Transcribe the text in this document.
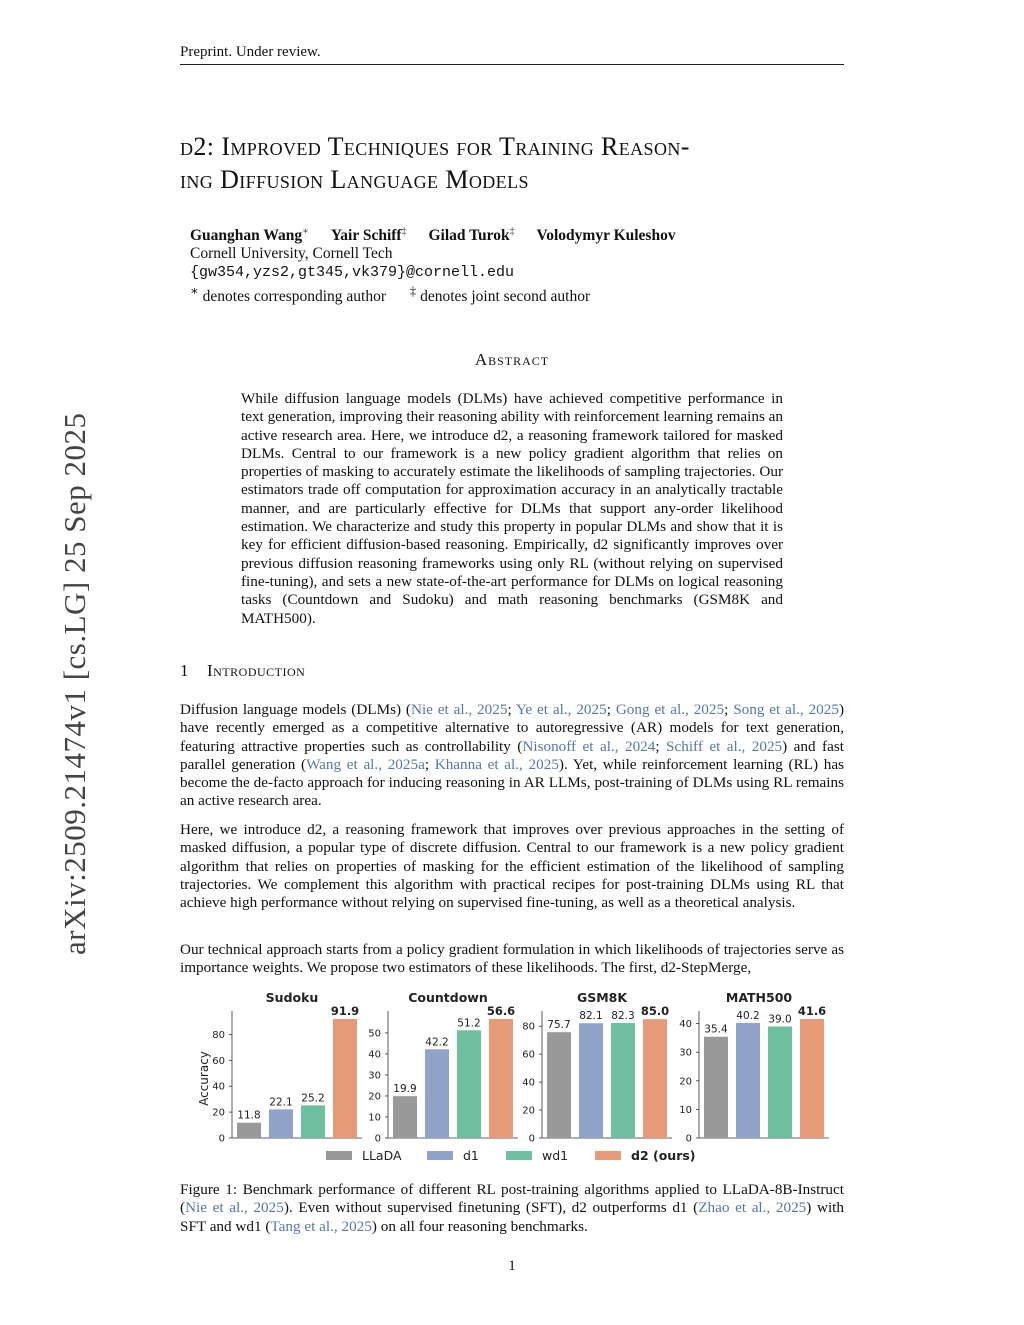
Preprint. Under review.
arXiv:2509.21474v1 [cs.LG] 25 Sep 2025
d2: Improved Techniques for Training Reason-
ing Diffusion Language Models
Guanghan Wang∗ Yair Schiff‡ Gilad Turok‡ Volodymyr Kuleshov
Cornell University, Cornell Tech
{gw354,yzs2,gt345,vk379}@cornell.edu
∗ denotes corresponding author ‡ denotes joint second author
Abstract
While diffusion language models (DLMs) have achieved competitive performance in text generation, improving their reasoning ability with reinforcement learning remains an active research area. Here, we introduce d2, a reasoning framework tailored for masked DLMs. Central to our framework is a new policy gradient algorithm that relies on properties of masking to accurately estimate the likelihoods of sampling trajectories. Our estimators trade off computation for approximation accuracy in an analytically tractable manner, and are particularly effective for DLMs that support any-order likelihood estimation. We characterize and study this property in popular DLMs and show that it is key for efficient diffusion-based reasoning. Empirically, d2 significantly improves over previous diffusion reasoning frameworks using only RL (without relying on supervised fine-tuning), and sets a new state-of-the-art performance for DLMs on logical reasoning tasks (Countdown and Sudoku) and math reasoning benchmarks (GSM8K and MATH500).
1 Introduction
Diffusion language models (DLMs) (Nie et al., 2025; Ye et al., 2025; Gong et al., 2025; Song et al., 2025) have recently emerged as a competitive alternative to autoregressive (AR) models for text generation, featuring attractive properties such as controllability (Nisonoff et al., 2024; Schiff et al., 2025) and fast parallel generation (Wang et al., 2025a; Khanna et al., 2025). Yet, while reinforcement learning (RL) has become the de-facto approach for inducing reasoning in AR LLMs, post-training of DLMs using RL remains an active research area.
Here, we introduce d2, a reasoning framework that improves over previous approaches in the setting of masked diffusion, a popular type of discrete diffusion. Central to our framework is a new policy gradient algorithm that relies on properties of masking for the efficient estimation of the likelihood of sampling trajectories. We complement this algorithm with practical recipes for post-training DLMs using RL that achieve high performance without relying on supervised fine-tuning, as well as a theoretical analysis.
Our technical approach starts from a policy gradient formulation in which likelihoods of trajectories serve as importance weights. We propose two estimators of these likelihoods. The first, d2-StepMerge,
Accuracy
Sudoku
0
20
40
60
80
11.8
22.1 25.2
91.9
Countdown
0
10
20
30
40
50
19.9
42.2
51.2
56.6
GSM8K
0
20
40
60
80 75.7
82.1 82.3 85.0
MATH500
0
10
20
30
40 35.4
40.2 39.0
41.6
LLaDA	d1	wd1	d2 (ours)
Figure 1: Benchmark performance of different RL post-training algorithms applied to LLaDA-8B-Instruct (Nie et al., 2025). Even without supervised finetuning (SFT), d2 outperforms d1 (Zhao et al., 2025) with SFT and wd1 (Tang et al., 2025) on all four reasoning benchmarks.
1
